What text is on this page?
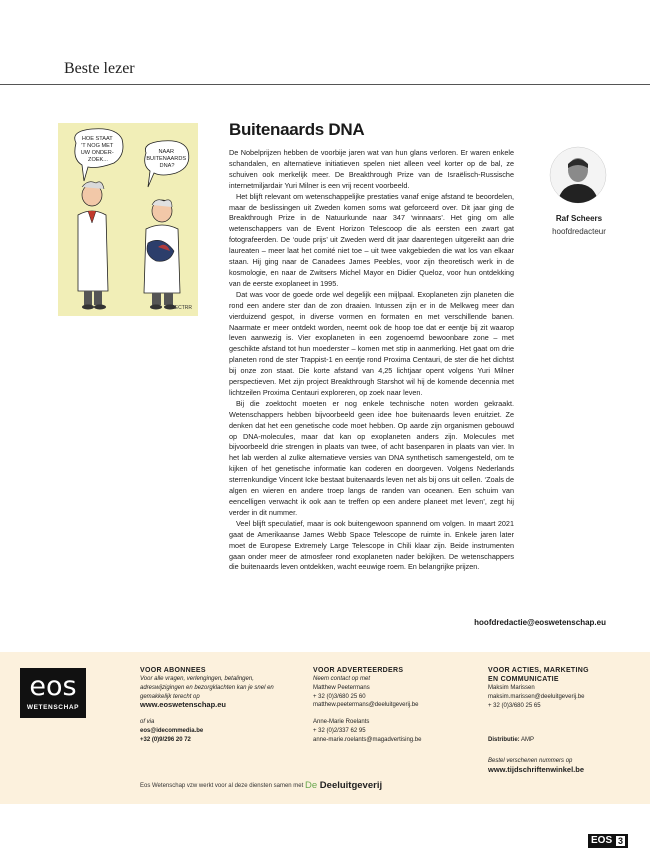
Beste lezer
HOE STAAT 'T NOG MET UW ONDER- ZOEK...
NAAR BUITENAARDS DNA?
LECTRR
Buitenaards DNA

De Nobelprijzen hebben de voorbije jaren wat van hun glans verloren. Er waren enkele schandalen, en alternatieve initiatieven spelen niet alleen veel korter op de bal, ze schuiven ook merkelijk meer. De Breakthrough Prize van de Israëlisch-Russische internetmiljardair Yuri Milner is een vrij recent voorbeeld.

Het blijft relevant om wetenschappelijke prestaties vanaf enige afstand te beoordelen, maar de beslissingen uit Zweden komen soms wat geforceerd over. Dit jaar ging de Breakthrough Prize in de Natuurkunde naar 347 ‘winnaars’. Het ging om alle wetenschappers van de Event Horizon Telescoop die als eersten een zwart gat fotografeerden. De ‘oude prijs’ uit Zweden werd dit jaar daarentegen uitgereikt aan drie laureaten – meer laat het comité niet toe – uit twee vakgebieden die wat los van elkaar staan. Hij ging naar de Canadees James Peebles, voor zijn theoretisch werk in de kosmologie, en naar de Zwitsers Michel Mayor en Didier Queloz, voor hun ontdekking van de eerste exoplaneet in 1995.

Dat was voor de goede orde wel degelijk een mijlpaal. Exoplaneten zijn planeten die rond een andere ster dan de zon draaien. Intussen zijn er in de Melkweg meer dan vierduizend gespot, in diverse vormen en formaten en met verschillende banen. Naarmate er meer ontdekt worden, neemt ook de hoop toe dat er eentje bij zit waarop leven aanwezig is. Vier exoplaneten in een zogenoemd bewoonbare zone – met geschikte afstand tot hun moederster – komen met stip in aanmerking. Het gaat om drie planeten rond de ster Trappist-1 en eentje rond Proxima Centauri, de ster die het dichtst bij onze zon staat. Die korte afstand van 4,25 lichtjaar opent volgens Yuri Milner perspectieven. Met zijn project Breakthrough Starshot wil hij de komende decennia met lichtzeilen Proxima Centauri exploreren, op zoek naar leven.

Bij die zoektocht moeten er nog enkele technische noten worden gekraakt. Wetenschappers hebben bijvoorbeeld geen idee hoe buitenaards leven eruitziet. Ze denken dat het een genetische code moet hebben. Op aarde zijn organismen gebouwd op DNA-molecules, maar dat kan op exoplaneten anders zijn. Molecules met bijvoorbeeld drie strengen in plaats van twee, of acht basenparen in plaats van vier. In het lab werden al zulke alternatieve versies van DNA synthetisch samengesteld, om te kijken of het genetische informatie kan coderen en doorgeven. Volgens Nederlands sterrenkundige Vincent Icke bestaat buitenaards leven net als bij ons uit cellen. ‘Zoals de algen en wieren en andere troep langs de randen van oceanen. Een schuim van eencelligen verwacht ik ook aan te treffen op een andere planeet met leven’, zegt hij verder in dit nummer.

Veel blijft speculatief, maar is ook buitengewoon spannend om volgen. In maart 2021 gaat de Amerikaanse James Webb Space Telescope de ruimte in. Enkele jaren later moet de Europese Extremely Large Telescope in Chili klaar zijn. Beide instrumenten gaan onder meer de atmosfeer rond exoplaneten nader bekijken. De wetenschappers die buitenaards leven ontdekken, wacht eeuwige roem. En belangrijke prijzen.

hoofdredactie@eoswetenschap.eu
Raf Scheers
hoofdredacteur
eos
WETENSCHAP
VOOR ABONNEES
Voor alle vragen, verlengingen, betalingen, adreswijzigingen en bezorgklachten kan je snel en gemakkelijk terecht op
www.eoswetenschap.eu
of via
eos@idecommedia.be
+32 (0)9/296 20 72
VOOR ADVERTEERDERS
Neem contact op met
Matthew Peetermans
+ 32 (0)3/680 25 60
matthew.peetermans@deeluitgeverij.be
Anne-Marie Roelants
+ 32 (0)2/337 62 95
anne-marie.roelants@magadvertising.be
VOOR ACTIES, MARKETING
EN COMMUNICATIE
Maksim Marissen
maksim.marissen@deeluitgeverij.be
+ 32 (0)3/680 25 65
Distributie: AMP
Bestel verschenen nummers op
www.tijdschriftenwinkel.be
Eos Wetenschap vzw werkt voor al deze diensten samen met De Deeluitgeverij
EOS 3
